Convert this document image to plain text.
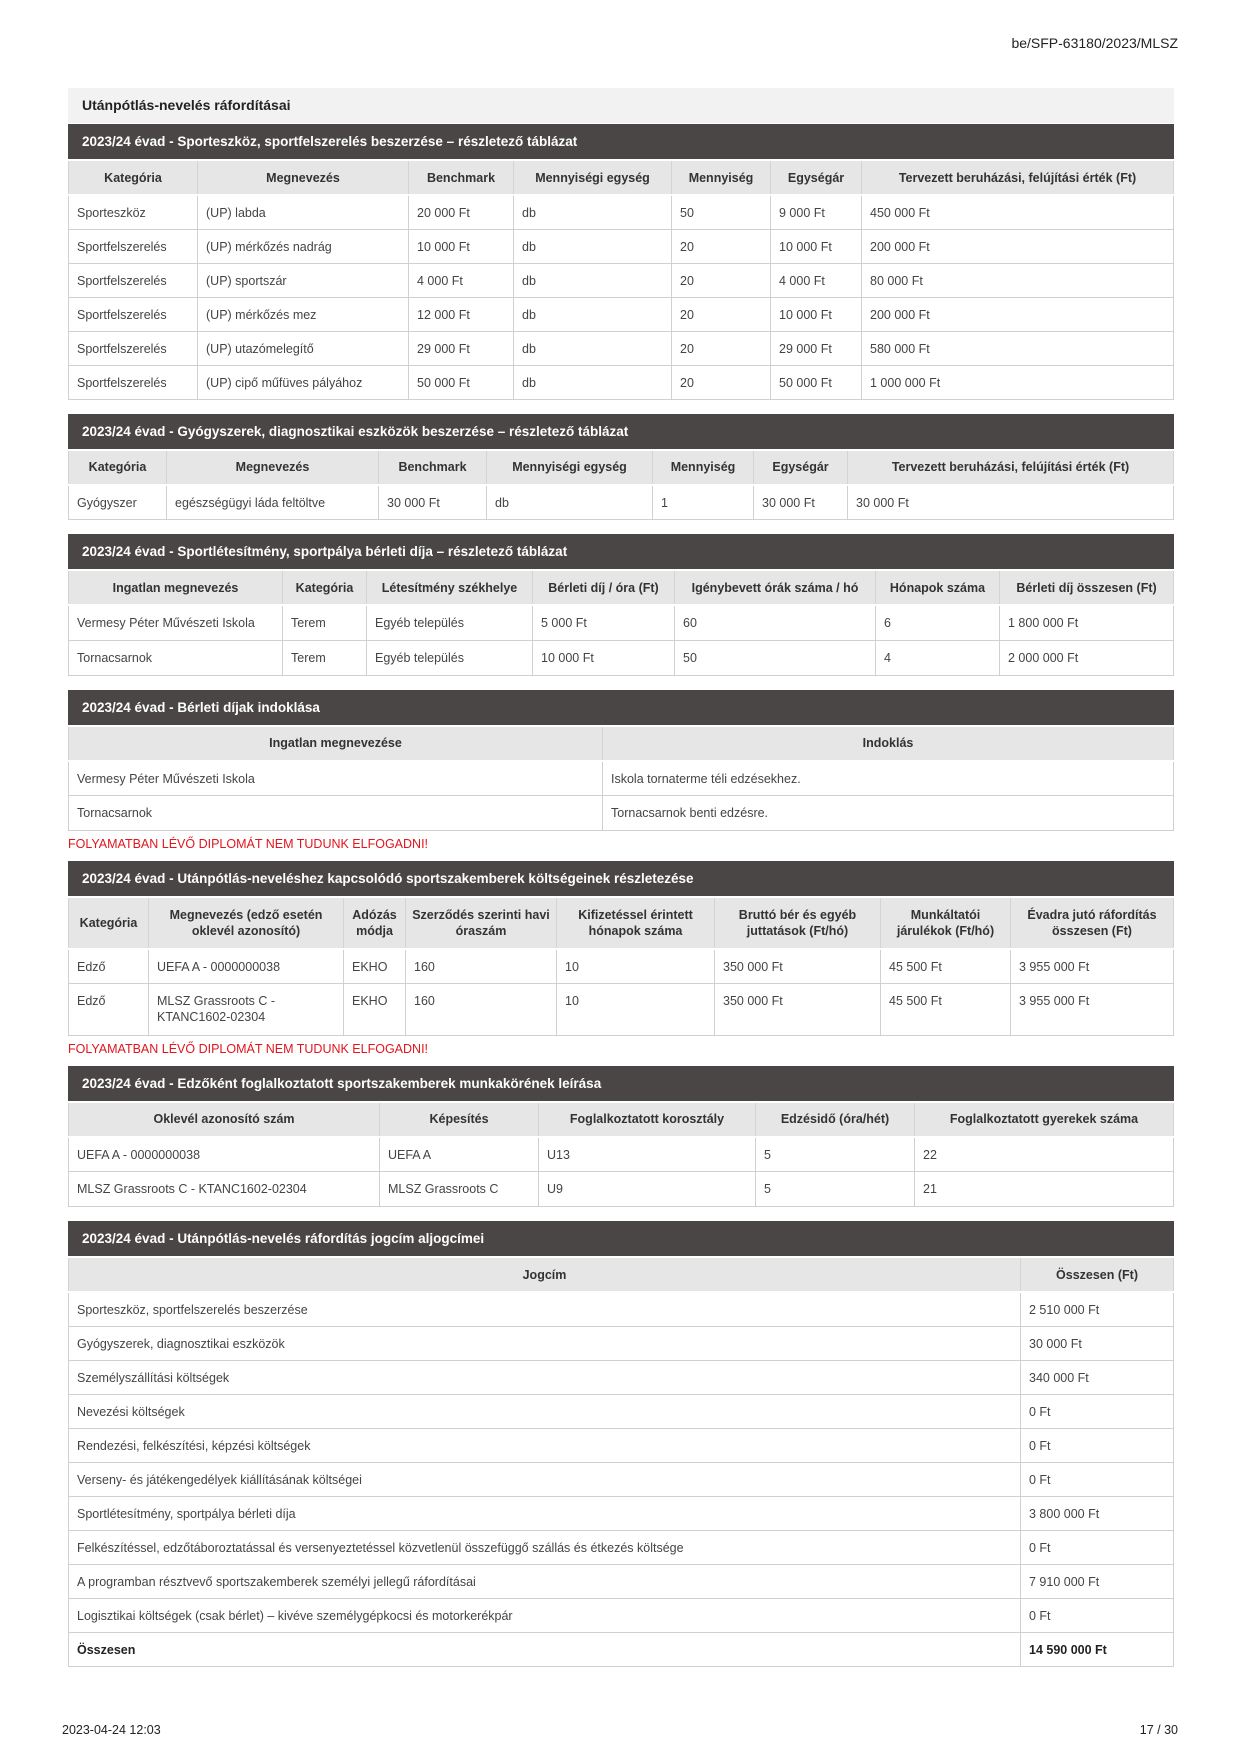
be/SFP-63180/2023/MLSZ
Utánpótlás-nevelés ráfordításai
2023/24 évad - Sporteszköz, sportfelszerelés beszerzése – részletező táblázat
Kategória	Megnevezés	Benchmark	Mennyiségi egység	Mennyiség	Egységár	Tervezett beruházási, felújítási érték (Ft)
Sporteszköz	(UP) labda	20 000 Ft	db	50	9 000 Ft	450 000 Ft
Sportfelszerelés	(UP) mérkőzés nadrág	10 000 Ft	db	20	10 000 Ft	200 000 Ft
Sportfelszerelés	(UP) sportszár	4 000 Ft	db	20	4 000 Ft	80 000 Ft
Sportfelszerelés	(UP) mérkőzés mez	12 000 Ft	db	20	10 000 Ft	200 000 Ft
Sportfelszerelés	(UP) utazómelegítő	29 000 Ft	db	20	29 000 Ft	580 000 Ft
Sportfelszerelés	(UP) cipő műfüves pályához	50 000 Ft	db	20	50 000 Ft	1 000 000 Ft
2023/24 évad - Gyógyszerek, diagnosztikai eszközök beszerzése – részletező táblázat
Kategória	Megnevezés	Benchmark	Mennyiségi egység	Mennyiség	Egységár	Tervezett beruházási, felújítási érték (Ft)
Gyógyszer	egészségügyi láda feltöltve	30 000 Ft	db	1	30 000 Ft	30 000 Ft
2023/24 évad - Sportlétesítmény, sportpálya bérleti díja – részletező táblázat
Ingatlan megnevezés	Kategória	Létesítmény székhelye	Bérleti díj / óra (Ft)	Igénybevett órák száma / hó	Hónapok száma	Bérleti díj összesen (Ft)
Vermesy Péter Művészeti Iskola	Terem	Egyéb település	5 000 Ft	60	6	1 800 000 Ft
Tornacsarnok	Terem	Egyéb település	10 000 Ft	50	4	2 000 000 Ft
2023/24 évad - Bérleti díjak indoklása
Ingatlan megnevezése	Indoklás
Vermesy Péter Művészeti Iskola	Iskola tornaterme téli edzésekhez.
Tornacsarnok	Tornacsarnok benti edzésre.
FOLYAMATBAN LÉVŐ DIPLOMÁT NEM TUDUNK ELFOGADNI!
2023/24 évad - Utánpótlás-neveléshez kapcsolódó sportszakemberek költségeinek részletezése
Kategória	Megnevezés (edző esetén oklevél azonosító)	Adózás módja	Szerződés szerinti havi óraszám	Kifizetéssel érintett hónapok száma	Bruttó bér és egyéb juttatások (Ft/hó)	Munkáltatói járulékok (Ft/hó)	Évadra jutó ráfordítás összesen (Ft)
Edző	UEFA A - 0000000038	EKHO	160	10	350 000 Ft	45 500 Ft	3 955 000 Ft
Edző	MLSZ Grassroots C - KTANC1602-02304	EKHO	160	10	350 000 Ft	45 500 Ft	3 955 000 Ft
FOLYAMATBAN LÉVŐ DIPLOMÁT NEM TUDUNK ELFOGADNI!
2023/24 évad - Edzőként foglalkoztatott sportszakemberek munkakörének leírása
Oklevél azonosító szám	Képesítés	Foglalkoztatott korosztály	Edzésidő (óra/hét)	Foglalkoztatott gyerekek száma
UEFA A - 0000000038	UEFA A	U13	5	22
MLSZ Grassroots C - KTANC1602-02304	MLSZ Grassroots C	U9	5	21
2023/24 évad - Utánpótlás-nevelés ráfordítás jogcím aljogcímei
Jogcím	Összesen (Ft)
Sporteszköz, sportfelszerelés beszerzése	2 510 000 Ft
Gyógyszerek, diagnosztikai eszközök	30 000 Ft
Személyszállítási költségek	340 000 Ft
Nevezési költségek	0 Ft
Rendezési, felkészítési, képzési költségek	0 Ft
Verseny- és játékengedélyek kiállításának költségei	0 Ft
Sportlétesítmény, sportpálya bérleti díja	3 800 000 Ft
Felkészítéssel, edzőtáboroztatással és versenyeztetéssel közvetlenül összefüggő szállás és étkezés költsége	0 Ft
A programban résztvevő sportszakemberek személyi jellegű ráfordításai	7 910 000 Ft
Logisztikai költségek (csak bérlet) – kivéve személygépkocsi és motorkerékpár	0 Ft
Összesen	14 590 000 Ft
2023-04-24 12:03	17 / 30
